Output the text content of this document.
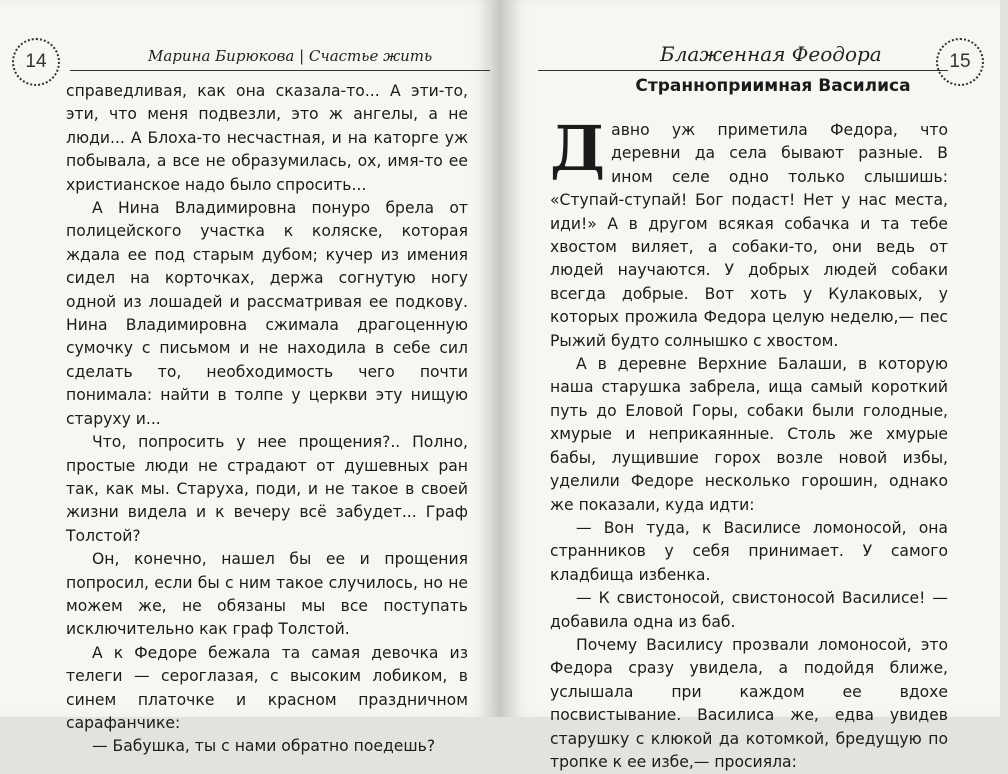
14	Марина Бирюкова | Счастье жить

справедливая, как она сказала-то... А эти-то, эти, что меня подвезли, это ж ангелы, а не люди... А Блоха-то несчастная, и на каторге уж побывала, а все не образумилась, ох, имя-то ее христианское надо было спросить...

А Нина Владимировна понуро брела от полицейского участка к коляске, которая ждала ее под старым дубом; кучер из имения сидел на корточках, держа согнутую ногу одной из лошадей и рассматривая ее подкову. Нина Владимировна сжимала драгоценную сумочку с письмом и не находила в себе сил сделать то, необходимость чего почти понимала: найти в толпе у церкви эту нищую старуху и...

Что, попросить у нее прощения?.. Полно, простые люди не страдают от душевных ран так, как мы. Старуха, поди, и не такое в своей жизни видела и к вечеру всё забудет... Граф Толстой?

Он, конечно, нашел бы ее и прощения попросил, если бы с ним такое случилось, но не можем же, не обязаны мы все поступать исключительно как граф Толстой.

А к Федоре бежала та самая девочка из телеги — сероглазая, с высоким лобиком, в синем платочке и красном праздничном сарафанчике:

— Бабушка, ты с нами обратно поедешь?

Блаженная Феодора	15
Странноприимная Василиса

Давно уж приметила Федора, что деревни да села бывают разные. В ином селе одно только слышишь: «Ступай-ступай! Бог подаст! Нет у нас места, иди!» А в другом всякая собачка и та тебе хвостом виляет, а собаки-то, они ведь от людей научаются. У добрых людей собаки всегда добрые. Вот хоть у Кулаковых, у которых прожила Федора целую неделю,— пес Рыжий будто солнышко с хвостом.

А в деревне Верхние Балаши, в которую наша старушка забрела, ища самый короткий путь до Еловой Горы, собаки были голодные, хмурые и неприкаянные. Столь же хмурые бабы, лущившие горох возле новой избы, уделили Федоре несколько горошин, однако же показали, куда идти:

— Вон туда, к Василисе ломоносой, она странников у себя принимает. У самого кладбища избенка.

— К свистоносой, свистоносой Василисе! — добавила одна из баб.

Почему Василису прозвали ломоносой, это Федора сразу увидела, а подойдя ближе, услышала при каждом ее вдохе посвистывание. Василиса же, едва увидев старушку с клюкой да котомкой, бредущую по тропке к ее избе,— просияла:
